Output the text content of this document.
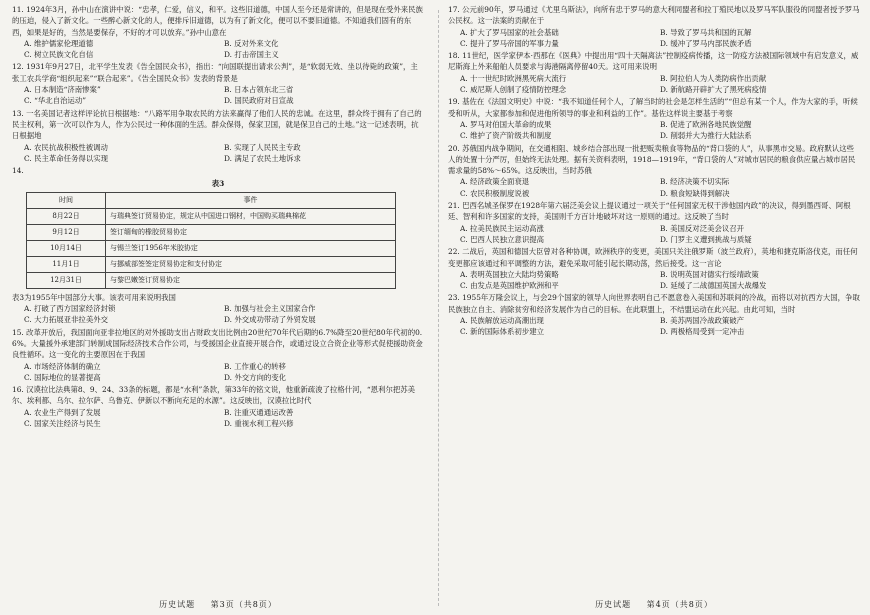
11. 1924年3月，孙中山在演讲中说：“忠孝，仁爱，信义，和平。这些旧道德，中国人至今还是常讲的，但是现在受外来民族的压迫，侵入了新文化。一些醉心新文化的人，便排斥旧道德，以为有了新文化，便可以不要旧道德。不知道我们固有的东西，如果是好的，当然是要保存，不好的才可以放弃。”孙中山意在
A. 维护儒家伦理道德	B. 反对外来文化
C. 树立民族文化自信	D. 打击帝国主义
12. 1931年9月27日，北平学生发表《告全国民众书》，指出：“向国联提出请求公判”，是“软弱无效、坐以待毙的政策”，主张工农兵学商“组织起来”“联合起来”。《告全国民众书》发表的背景是
A. 日本制造“济南惨案”	B. 日本占领东北三省
C. “华北自治运动”	D. 国民政府对日宣战
13. 一名美国记者这样评论抗日根据地：“八路军用争取农民的方法来赢得了他们人民的忠诚。在这里，群众终于拥有了自己的民主权利，第一次可以作为人，作为公民过一种体面的生活。群众保得，保家卫国，就是保卫自己的土地。”这一记述表明，抗日根据地
A. 农民抗战积极性被调动	B. 实现了人民民主专政
C. 民主革命任务得以实现	D. 满足了农民土地诉求
14.
表3
时间	事件
8月22日	与瑞典签订贸易协定，规定从中国进口钢材，中国购买瑞典棉花
9月12日	签订缅甸的橡胶贸易协定
10月14日	与锡兰签订1956年米胶协定
11月1日	与挪威部签签定贸易协定和支付协定
12月31日	与黎巴嫩签订贸易协定
表3为1955年中国部分大事。该表可用来说明我国
A. 打破了西方国家经济封锁	B. 加强与社会主义国家合作
C. 大力拓展亚非拉美外交	D. 外交成功带动了外贸发展
15. 改革开放后，我国面向亚非拉地区的对外援助支出占财政支出比例由20世纪70年代后期的6.7%降至20世纪80年代初的0.6%。大量援外承建部门转制成国际经济技术合作公司，与受援国企业直接开展合作，或通过设立合资企业等形式促使援助资金良性循环。这一变化的主要原因在于我国
A. 市场经济体制的确立	B. 工作重心的转移
C. 国际地位的显著提高	D. 外交方向的变化
16. 汉谟拉比法典第8、9、24、33条的标题，都是“水利”条款，第33年的铭文说，他重新疏浚了拉格什河，“恩利尔把苏美尔、埃利都、乌尔、拉尔萨、乌鲁克、伊新以不断向充足的水源”。这反映出，汉谟拉比时代
A. 农业生产得到了发展	B. 注重灭通通运改善
C. 国家关注经济与民生	D. 重视水利工程兴修
历史试题 第3页（共8页）
17. 公元前90年，罗马通过《尤里乌斯法》，向所有忠于罗马的意大利同盟者和拉丁殖民地以及罗马军队服役的同盟者授予罗马公民权。这一法案的贡献在于
A. 扩大了罗马国家的社会基础	B. 导致了罗马共和国的瓦解
C. 提升了罗马帝国的军事力量	D. 缓冲了罗马内部民族矛盾
18. 11世纪，医学家伊本·西那在《医典》中提出用“四十天隔离法”控制疫病传播，这一防疫方法被国际领域中有启发意义，威尼斯海上外来船舶人员要求与海港隔离停留40天。这可用来说明
A. 十一世纪时欧洲黑死病大流行	B. 阿拉伯人为人类防病作出贡献
C. 威尼斯人创制了疫情防控理念	D. 新航路开辟扩大了黑死病疫情
19. 基佐在《法国文明史》中说：“我不知道任何个人，了解当时的社会是怎样生活的”“但总有某一个人，作为大家的手，听候受和听从，大家都参加和促进他所领导的事业和利益的工作”。基佐这样说主要基于考察
A. 罗马对伯国大革命的成果	B. 促进了欧洲各地民族觉醒
C. 维护了资产阶级共和制度	D. 削弱并大为推行大陆法系
20. 苏俄国内战争期间，在交通相阻、城乡结合部出现一批把贩卖粮食等物品的“背口袋的人”，从事黑市交易。政府默认这些人的处置十分严厉，但始终无法处理。据有关资料表明，1918—1919年，“背口袋的人”对城市居民的粮食供应量占城市居民需求量的58%～65%。这反映出，当时苏俄
A. 经济政策全面衰退	B. 经济决策不切实际
C. 农民积极制度说被	D. 粮食短缺得到解决
21. 巴西名城圣保罗在1928年第六届泛美会议上提议通过一项关于“任何国家无权干涉他国内政”的决议，得到墨西哥、阿根廷、智利和许多国家的支持，美国则千方百计地破坏对这一原则的通过。这反映了当时
A. 拉美民族民主运动高涨	B. 美国反对泛美会议召开
C. 巴西人民独立意识提高	D. 门罗主义遭到挑战与质疑
22. 二战后，英国和德国大臣曾对各种协调，欧洲秩序的变更，美国只关注俄罗斯（波兰政府），英地和捷克斯洛伐克，而任何变更都应该通过和平调整的方法，避免采取可能引起长期动荡，然后接受。这一言论
A. 表明英国独立大陆均势策略	B. 说明英国对德实行绥靖政策
C. 由发点是英国维护欧洲和平	D. 延缓了二战德国英国大战爆发
23. 1955年万隆会议上，与会29个国家的领导人向世界表明自己不愿意卷入美国和苏联间的冷战，而将以对抗西方大国，争取民族独立自主、消除贫穷和经济发展作为自己的目标。在此联盟上，不结盟运动在此兴起。由此可知，当时
A. 民族解放运动高潮出现	B. 美苏两国冷战政策破产
C. 新的国际体系初步建立	D. 两极格局受到一定冲击
历史试题 第4页（共8页）
